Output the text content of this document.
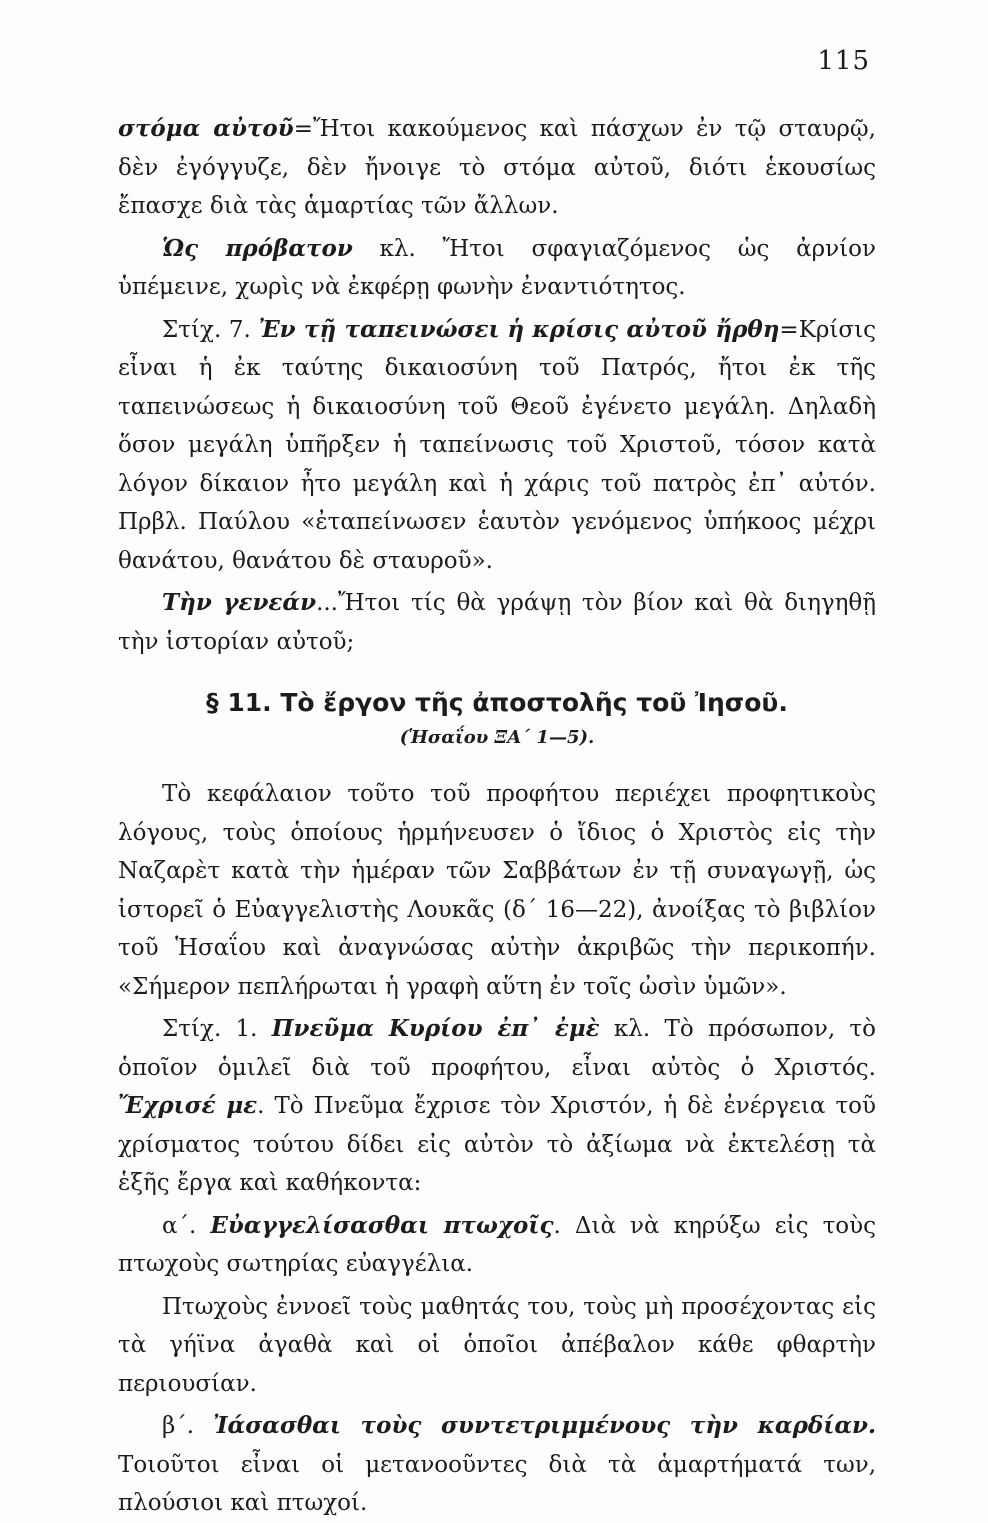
115

στόμα αὐτοῦ=Ἤτοι κακούμενος καὶ πάσχων ἐν τῷ σταυρῷ, δὲν ἐγόγγυζε, δὲν ἤνοιγε τὸ στόμα αὐτοῦ, διότι ἑκουσίως ἔπασχε διὰ τὰς ἁμαρτίας τῶν ἄλλων.

Ὡς πρόβατον κλ. Ἤτοι σφαγιαζόμενος ὡς ἀρνίον ὑπέμεινε, χωρὶς νὰ ἐκφέρῃ φωνὴν ἐναντιότητος.

Στίχ. 7. Ἐν τῇ ταπεινώσει ἡ κρίσις αὐτοῦ ἤρθη=Κρίσις εἶναι ἡ ἐκ ταύτης δικαιοσύνη τοῦ Πατρός, ἤτοι ἐκ τῆς ταπεινώσεως ἡ δικαιοσύνη τοῦ Θεοῦ ἐγένετο μεγάλη. Δηλαδὴ ὅσον μεγάλη ὑπῆρξεν ἡ ταπείνωσις τοῦ Χριστοῦ, τόσον κατὰ λόγον δίκαιον ἦτο μεγάλη καὶ ἡ χάρις τοῦ πατρὸς ἐπ᾽ αὐτόν. Πρβλ. Παύλου «ἐταπείνωσεν ἑαυτὸν γενόμενος ὑπήκοος μέχρι θανάτου, θανάτου δὲ σταυροῦ».

Τὴν γενεάν...Ἤτοι τίς θὰ γράψῃ τὸν βίον καὶ θὰ διηγηθῇ τὴν ἱστορίαν αὐτοῦ;

§ 11. Τὸ ἔργον τῆς ἀποστολῆς τοῦ Ἰησοῦ.

(Ἡσαΐου ΞΑ΄ 1—5).

Τὸ κεφάλαιον τοῦτο τοῦ προφήτου περιέχει προφητικοὺς λόγους, τοὺς ὁποίους ἡρμήνευσεν ὁ ἴδιος ὁ Χριστὸς εἰς τὴν Ναζαρὲτ κατὰ τὴν ἡμέραν τῶν Σαββάτων ἐν τῇ συναγωγῇ, ὡς ἱστορεῖ ὁ Εὐαγγελιστὴς Λουκᾶς (δ΄ 16—22), ἀνοίξας τὸ βιβλίον τοῦ Ἡσαΐου καὶ ἀναγνώσας αὐτὴν ἀκριβῶς τὴν περικοπήν. «Σήμερον πεπλήρωται ἡ γραφὴ αὕτη ἐν τοῖς ὠσὶν ὑμῶν».

Στίχ. 1. Πνεῦμα Κυρίου ἐπ᾽ ἐμὲ κλ. Τὸ πρόσωπον, τὸ ὁποῖον ὁμιλεῖ διὰ τοῦ προφήτου, εἶναι αὐτὸς ὁ Χριστός. Ἔχρισέ με. Τὸ Πνεῦμα ἔχρισε τὸν Χριστόν, ἡ δὲ ἐνέργεια τοῦ χρίσματος τούτου δίδει εἰς αὐτὸν τὸ ἀξίωμα νὰ ἐκτελέσῃ τὰ ἑξῆς ἔργα καὶ καθήκοντα:

α΄. Εὐαγγελίσασθαι πτωχοῖς. Διὰ νὰ κηρύξω εἰς τοὺς πτωχοὺς σωτηρίας εὐαγγέλια.

Πτωχοὺς ἐννοεῖ τοὺς μαθητάς του, τοὺς μὴ προσέχοντας εἰς τὰ γήϊνα ἀγαθὰ καὶ οἱ ὁποῖοι ἀπέβαλον κάθε φθαρτὴν περιουσίαν.

β΄. Ἰάσασθαι τοὺς συντετριμμένους τὴν καρδίαν. Τοιοῦτοι εἶναι οἱ μετανοοῦντες διὰ τὰ ἁμαρτήματά των, πλούσιοι καὶ πτωχοί.
